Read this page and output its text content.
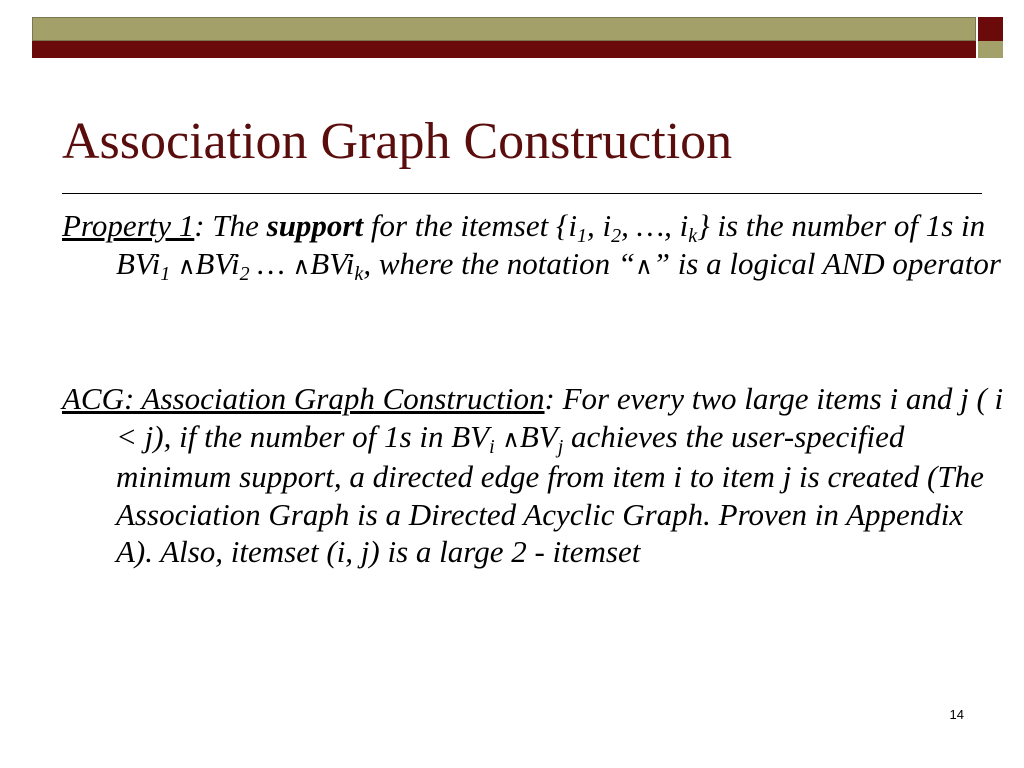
Association Graph Construction

Property 1: The support for the itemset {$i_1$, $i_2$, …, $i_k$} is the number of 1s in BVi$_1$ ∧BVi$_2$ … ∧BVi$_k$, where the notation “∧” is a logical AND operator

ACG: Association Graph Construction: For every two large items i and j ( i < j), if the number of 1s in $BV_i$ $\wedge BV_j$ achieves the user-specified minimum support, a directed edge from item i to item j is created (The Association Graph is a Directed Acyclic Graph. Proven in Appendix A). Also, itemset (i, j) is a large 2 - itemset

14
